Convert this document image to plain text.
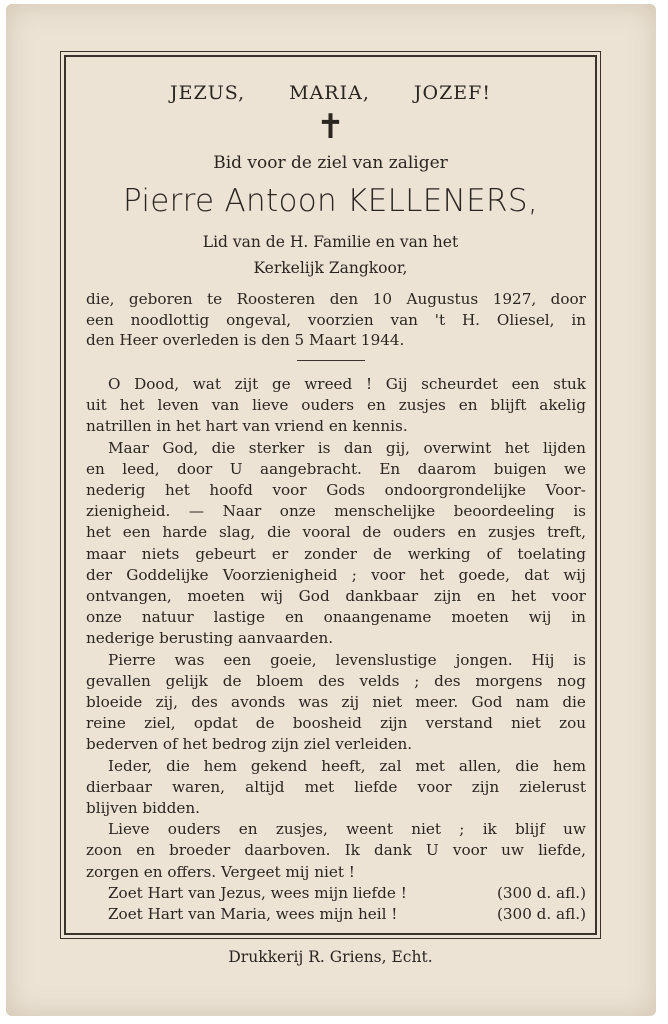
JEZUS, MARIA, JOZEF!
✝
Bid voor de ziel van zaliger
Pierre Antoon KELLENERS,
Lid van de H. Familie en van het
Kerkelijk Zangkoor,
die, geboren te Roosteren den 10 Augustus 1927, door
een noodlottig ongeval, voorzien van 't H. Oliesel, in
den Heer overleden is den 5 Maart 1944.
O Dood, wat zijt ge wreed ! Gij scheurdet een stuk
uit het leven van lieve ouders en zusjes en blijft akelig
natrillen in het hart van vriend en kennis.
Maar God, die sterker is dan gij, overwint het lijden
en leed, door U aangebracht. En daarom buigen we
nederig het hoofd voor Gods ondoorgrondelijke Voor-
zienigheid. — Naar onze menschelijke beoordeeling is
het een harde slag, die vooral de ouders en zusjes treft,
maar niets gebeurt er zonder de werking of toelating
der Goddelijke Voorzienigheid ; voor het goede, dat wij
ontvangen, moeten wij God dankbaar zijn en het voor
onze natuur lastige en onaangename moeten wij in
nederige berusting aanvaarden.
Pierre was een goeie, levenslustige jongen. Hij is
gevallen gelijk de bloem des velds ; des morgens nog
bloeide zij, des avonds was zij niet meer. God nam die
reine ziel, opdat de boosheid zijn verstand niet zou
bederven of het bedrog zijn ziel verleiden.
Ieder, die hem gekend heeft, zal met allen, die hem
dierbaar waren, altijd met liefde voor zijn zielerust
blijven bidden.
Lieve ouders en zusjes, weent niet ; ik blijf uw
zoon en broeder daarboven. Ik dank U voor uw liefde,
zorgen en offers. Vergeet mij niet !
Zoet Hart van Jezus, wees mijn liefde !	(300 d. afl.)
Zoet Hart van Maria, wees mijn heil !	(300 d. afl.)
Drukkerij R. Griens, Echt.
